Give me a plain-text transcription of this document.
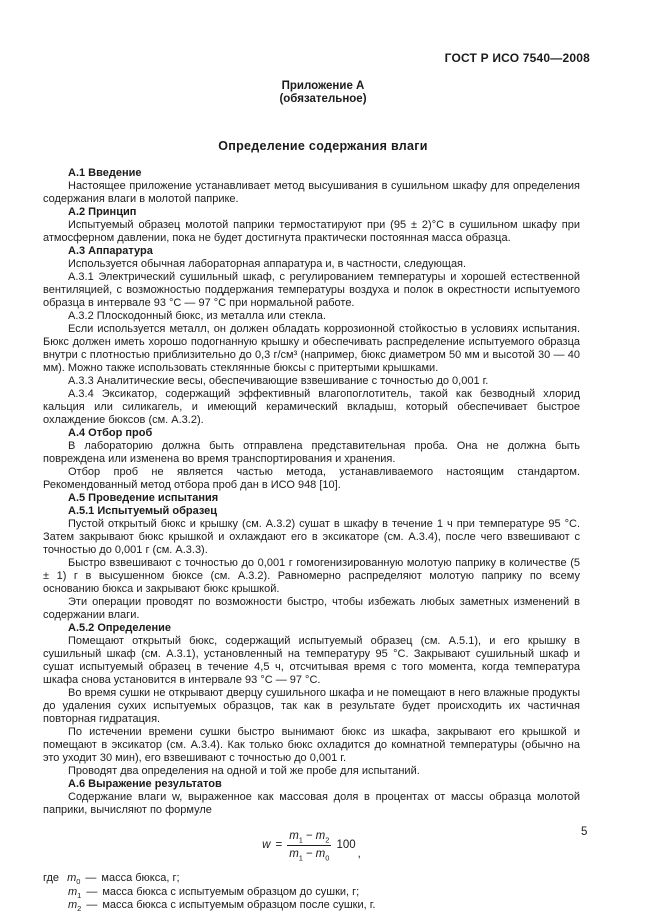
ГОСТ Р ИСО 7540—2008
Приложение А
(обязательное)
Определение содержания влаги

А.1 Введение

Настоящее приложение устанавливает метод высушивания в сушильном шкафу для определения содержания влаги в молотой паприке.

А.2 Принцип

Испытуемый образец молотой паприки термостатируют при (95 ± 2)°С в сушильном шкафу при атмосферном давлении, пока не будет достигнута практически постоянная масса образца.

А.3 Аппаратура

Используется обычная лабораторная аппаратура и, в частности, следующая.

А.3.1 Электрический сушильный шкаф, с регулированием температуры и хорошей естественной вентиляцией, с возможностью поддержания температуры воздуха и полок в окрестности испытуемого образца в интервале 93 °С — 97 °С при нормальной работе.

А.3.2 Плоскодонный бюкс, из металла или стекла.

Если используется металл, он должен обладать коррозионной стойкостью в условиях испытания. Бюкс должен иметь хорошо подогнанную крышку и обеспечивать распределение испытуемого образца внутри с плотностью приблизительно до 0,3 г/см³ (например, бюкс диаметром 50 мм и высотой 30 — 40 мм). Можно также использовать стеклянные бюксы с притертыми крышками.

А.3.3 Аналитические весы, обеспечивающие взвешивание с точностью до 0,001 г.

А.3.4 Эксикатор, содержащий эффективный влагопоглотитель, такой как безводный хлорид кальция или силикагель, и имеющий керамический вкладыш, который обеспечивает быстрое охлаждение бюксов (см. А.3.2).

А.4 Отбор проб

В лабораторию должна быть отправлена представительная проба. Она не должна быть повреждена или изменена во время транспортирования и хранения.

Отбор проб не является частью метода, устанавливаемого настоящим стандартом. Рекомендованный метод отбора проб дан в ИСО 948 [10].

А.5 Проведение испытания

А.5.1 Испытуемый образец

Пустой открытый бюкс и крышку (см. А.3.2) сушат в шкафу в течение 1 ч при температуре 95 °С. Затем закрывают бюкс крышкой и охлаждают его в эксикаторе (см. А.3.4), после чего взвешивают с точностью до 0,001 г (см. А.3.3).

Быстро взвешивают с точностью до 0,001 г гомогенизированную молотую паприку в количестве (5 ± 1) г в высушенном бюксе (см. А.3.2). Равномерно распределяют молотую паприку по всему основанию бюкса и закрывают бюкс крышкой.

Эти операции проводят по возможности быстро, чтобы избежать любых заметных изменений в содержании влаги.

А.5.2 Определение

Помещают открытый бюкс, содержащий испытуемый образец (см. А.5.1), и его крышку в сушильный шкаф (см. А.3.1), установленный на температуру 95 °С. Закрывают сушильный шкаф и сушат испытуемый образец в течение 4,5 ч, отсчитывая время с того момента, когда температура шкафа снова установится в интервале 93 °С — 97 °С.

Во время сушки не открывают дверцу сушильного шкафа и не помещают в него влажные продукты до удаления сухих испытуемых образцов, так как в результате будет происходить их частичная повторная гидратация.

По истечении времени сушки быстро вынимают бюкс из шкафа, закрывают его крышкой и помещают в эксикатор (см. А.3.4). Как только бюкс охладится до комнатной температуры (обычно на это уходит 30 мин), его взвешивают с точностью до 0,001 г.

Проводят два определения на одной и той же пробе для испытаний.

А.6 Выражение результатов

Содержание влаги w, выраженное как массовая доля в процентах от массы образца молотой паприки, вычисляют по формуле

$w = \frac{m_1 - m_2}{m_1 - m_0} 100$
,

где $m_0$ — масса бюкса, г;

$m_1$ — масса бюкса с испытуемым образцом до сушки, г;

$m_2$ — масса бюкса с испытуемым образцом после сушки, г.

5
